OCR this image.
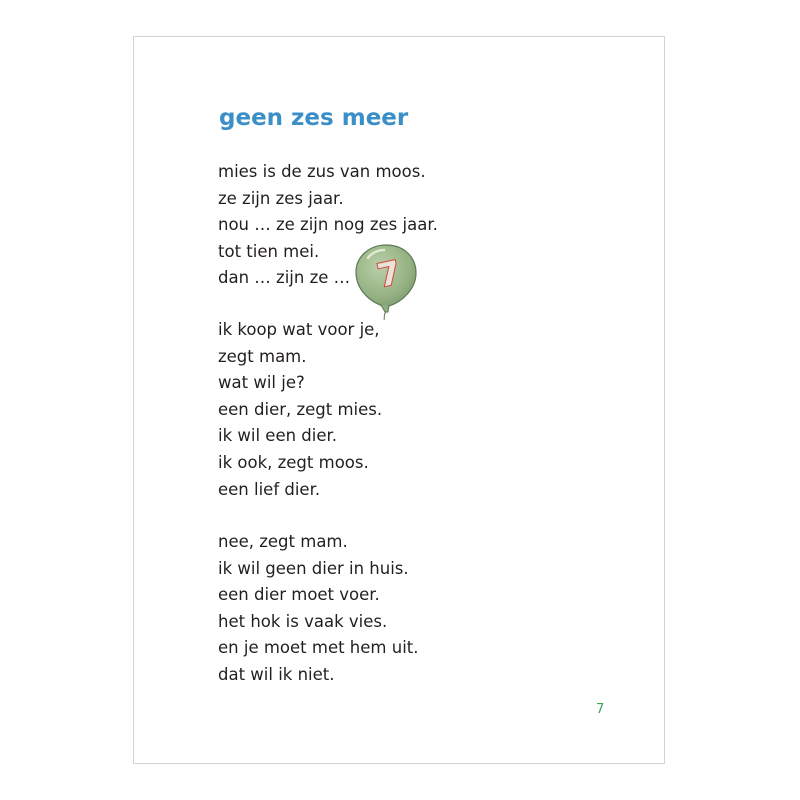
geen zes meer
mies is de zus van moos.
ze zijn zes jaar.
nou … ze zijn nog zes jaar.
tot tien mei.
dan … zijn ze … 7
ik koop wat voor je,
zegt mam.
wat wil je?
een dier, zegt mies.
ik wil een dier.
ik ook, zegt moos.
een lief dier.
nee, zegt mam.
ik wil geen dier in huis.
een dier moet voer.
het hok is vaak vies.
en je moet met hem uit.
dat wil ik niet.
7
